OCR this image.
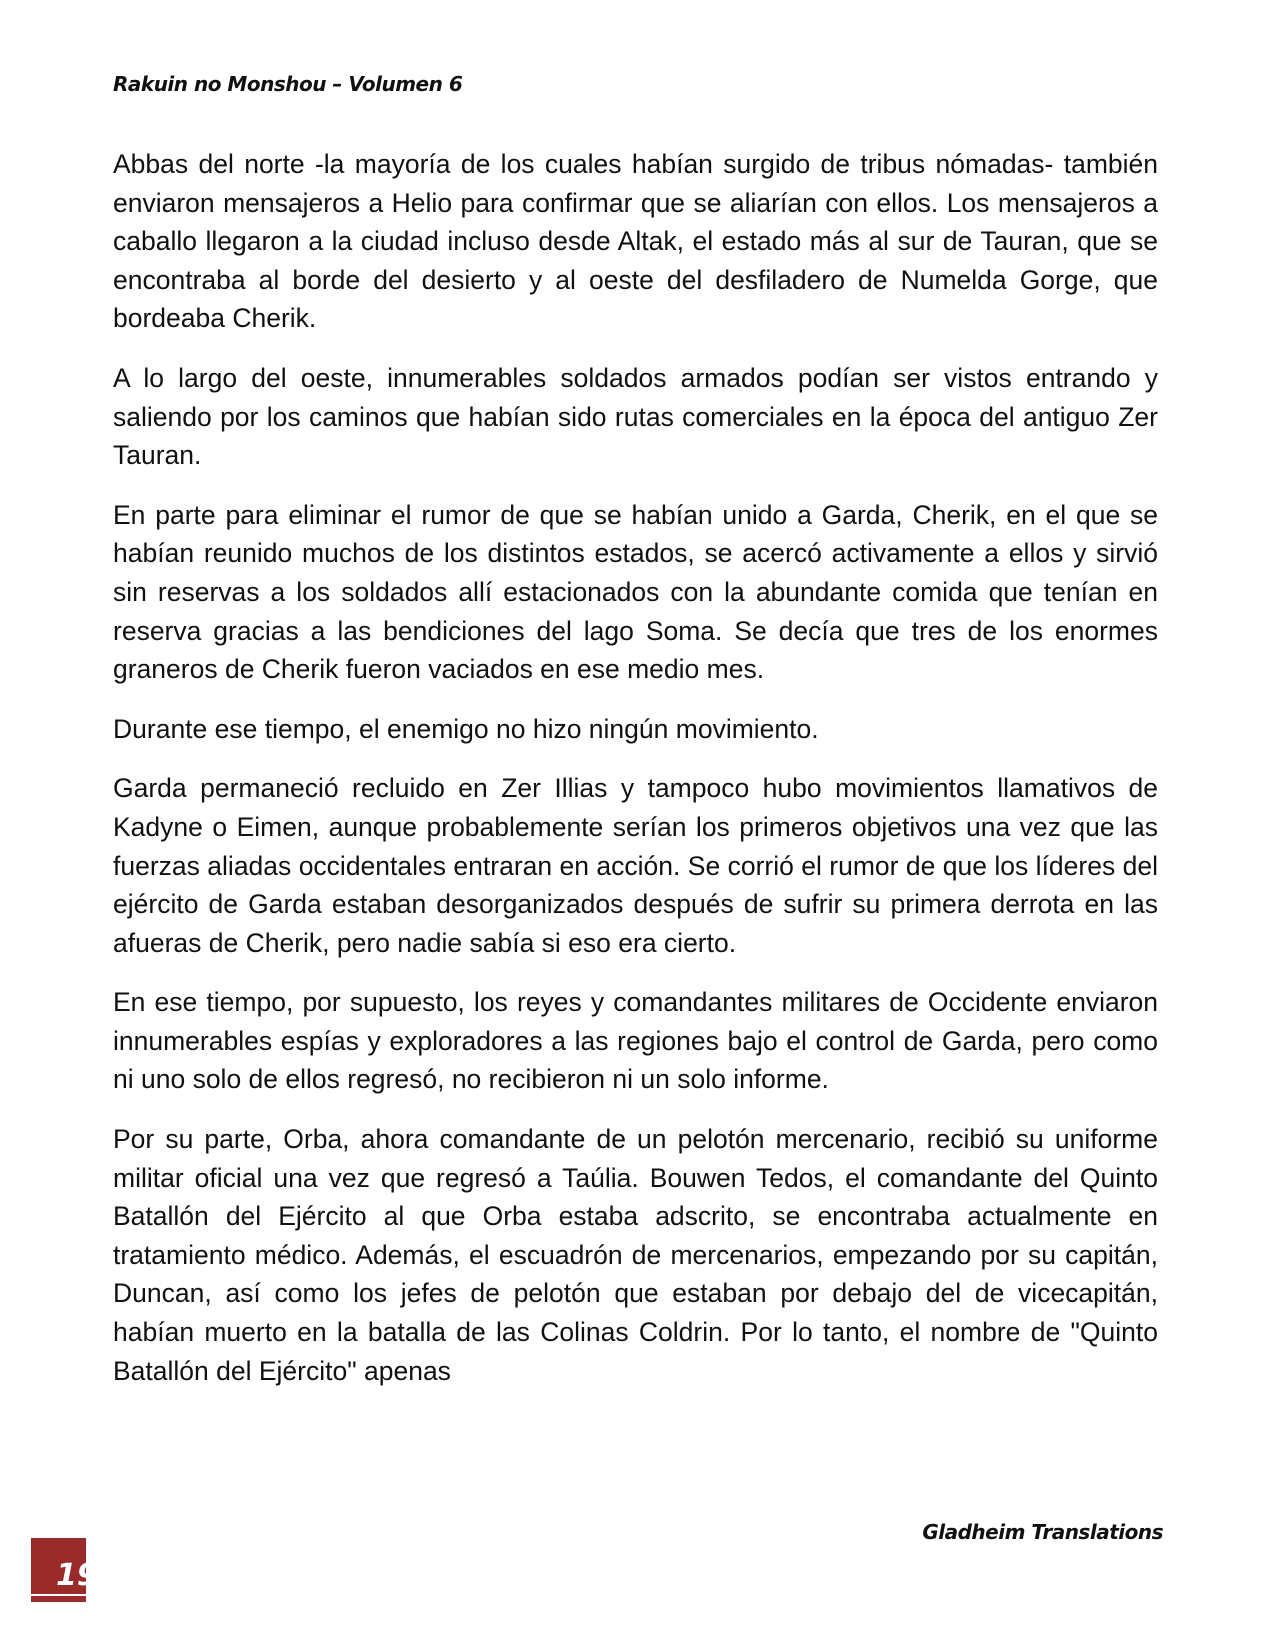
Rakuin no Monshou – Volumen 6

Abbas del norte -la mayoría de los cuales habían surgido de tribus nómadas- también enviaron mensajeros a Helio para confirmar que se aliarían con ellos. Los mensajeros a caballo llegaron a la ciudad incluso desde Altak, el estado más al sur de Tauran, que se encontraba al borde del desierto y al oeste del desfiladero de Numelda Gorge, que bordeaba Cherik.

A lo largo del oeste, innumerables soldados armados podían ser vistos entrando y saliendo por los caminos que habían sido rutas comerciales en la época del antiguo Zer Tauran.

En parte para eliminar el rumor de que se habían unido a Garda, Cherik, en el que se habían reunido muchos de los distintos estados, se acercó activamente a ellos y sirvió sin reservas a los soldados allí estacionados con la abundante comida que tenían en reserva gracias a las bendiciones del lago Soma. Se decía que tres de los enormes graneros de Cherik fueron vaciados en ese medio mes.

Durante ese tiempo, el enemigo no hizo ningún movimiento.

Garda permaneció recluido en Zer Illias y tampoco hubo movimientos llamativos de Kadyne o Eimen, aunque probablemente serían los primeros objetivos una vez que las fuerzas aliadas occidentales entraran en acción. Se corrió el rumor de que los líderes del ejército de Garda estaban desorganizados después de sufrir su primera derrota en las afueras de Cherik, pero nadie sabía si eso era cierto.

En ese tiempo, por supuesto, los reyes y comandantes militares de Occidente enviaron innumerables espías y exploradores a las regiones bajo el control de Garda, pero como ni uno solo de ellos regresó, no recibieron ni un solo informe.

Por su parte, Orba, ahora comandante de un pelotón mercenario, recibió su uniforme militar oficial una vez que regresó a Taúlia. Bouwen Tedos, el comandante del Quinto Batallón del Ejército al que Orba estaba adscrito, se encontraba actualmente en tratamiento médico. Además, el escuadrón de mercenarios, empezando por su capitán, Duncan, así como los jefes de pelotón que estaban por debajo del de vicecapitán, habían muerto en la batalla de las Colinas Coldrin. Por lo tanto, el nombre de "Quinto Batallón del Ejército" apenas

Gladheim Translations
19
